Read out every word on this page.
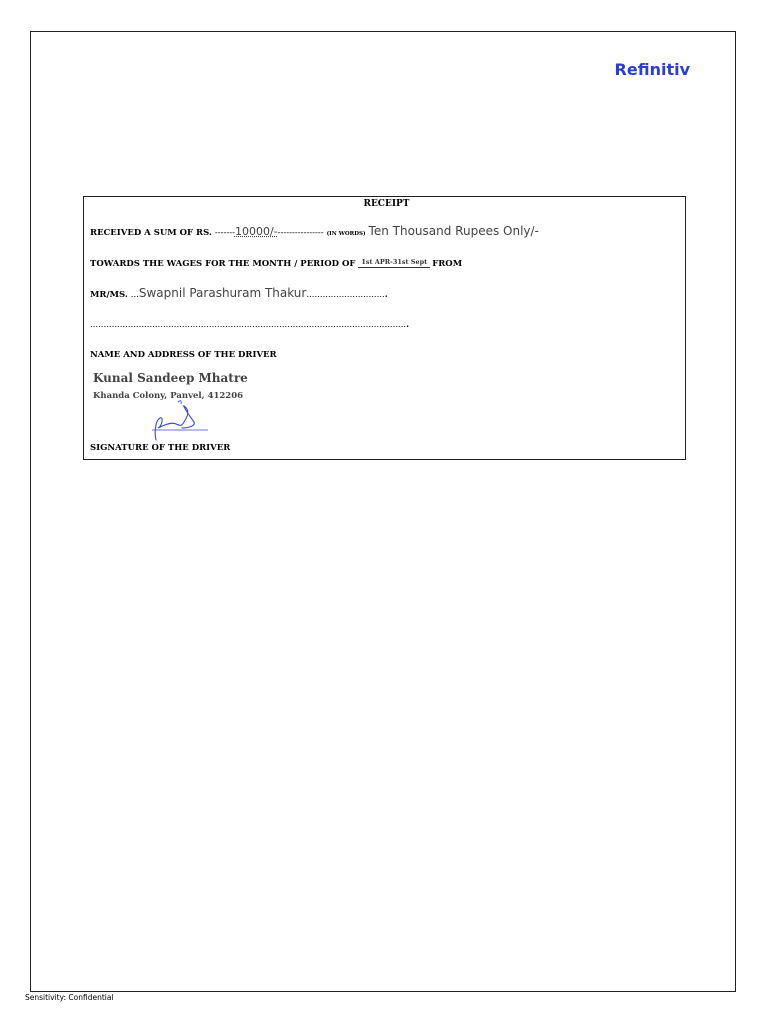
Refinitiv
RECEIPT
RECEIVED A SUM OF RS. -------10000/----------------- (IN WORDS) Ten Thousand Rupees Only/-
TOWARDS THE WAGES FOR THE MONTH / PERIOD OF 1st APR-31st Sept FROM
MR/MS. ...Swapnil Parashuram Thakur..............................
......................................................................................................................
NAME AND ADDRESS OF THE DRIVER
Kunal Sandeep Mhatre
Khanda Colony, Panvel, 412206
SIGNATURE OF THE DRIVER
Sensitivity: Confidential
